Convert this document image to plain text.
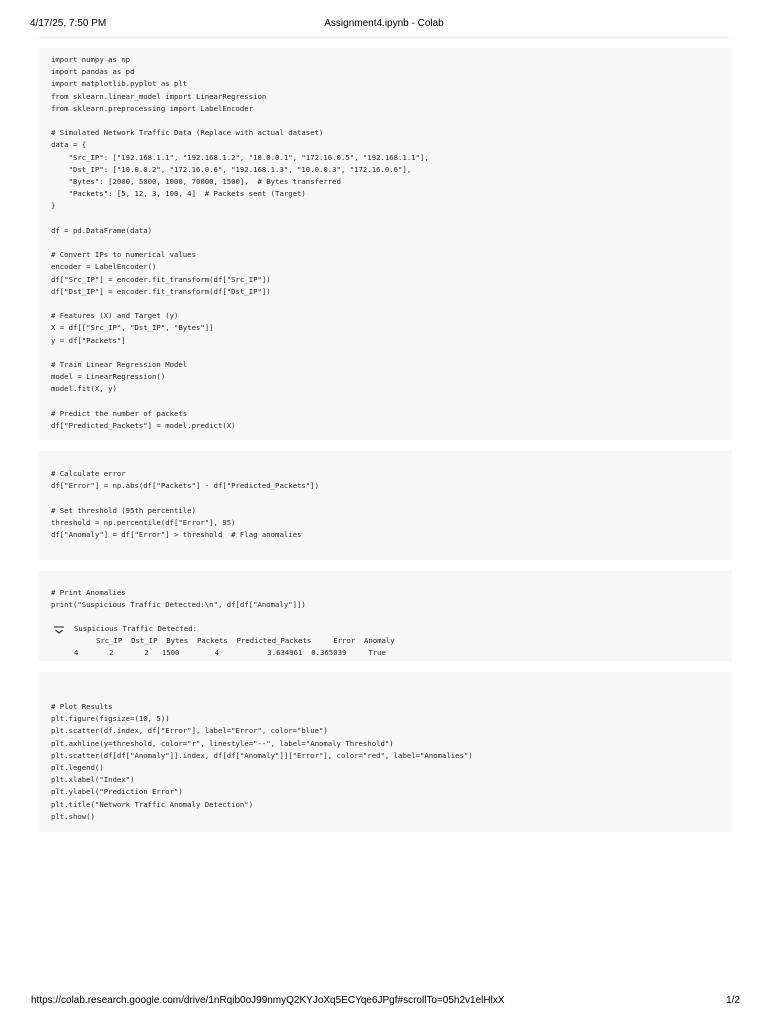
4/17/25, 7:50 PM	Assignment4.ipynb - Colab
import numpy as np
import pandas as pd
import matplotlib.pyplot as plt
from sklearn.linear_model import LinearRegression
from sklearn.preprocessing import LabelEncoder

# Simulated Network Traffic Data (Replace with actual dataset)
data = {
"Src_IP": ["192.168.1.1", "192.168.1.2", "10.0.0.1", "172.16.0.5", "192.168.1.1"],
"Dst_IP": ["10.0.0.2", "172.16.0.6", "192.168.1.3", "10.0.0.3", "172.16.0.6"],
"Bytes": [2000, 5000, 1000, 70000, 1500],  # Bytes transferred
"Packets": [5, 12, 3, 100, 4]  # Packets sent (Target)
}

df = pd.DataFrame(data)

# Convert IPs to numerical values
encoder = LabelEncoder()
df["Src_IP"] = encoder.fit_transform(df["Src_IP"])
df["Dst_IP"] = encoder.fit_transform(df["Dst_IP"])

# Features (X) and Target (y)
X = df[["Src_IP", "Dst_IP", "Bytes"]]
y = df["Packets"]

# Train Linear Regression Model
model = LinearRegression()
model.fit(X, y)

# Predict the number of packets
df["Predicted_Packets"] = model.predict(X)
# Calculate error
df["Error"] = np.abs(df["Packets"] - df["Predicted_Packets"])

# Set threshold (95th percentile)
threshold = np.percentile(df["Error"], 95)
df["Anomaly"] = df["Error"] > threshold  # Flag anomalies
# Print Anomalies
print("Suspicious Traffic Detected:\n", df[df["Anomaly"]])
Suspicious Traffic Detected:
Src_IP  Dst_IP  Bytes  Packets  Predicted_Packets     Error  Anomaly
4       2       2   1500        4           3.634961  0.365039     True
# Plot Results
plt.figure(figsize=(10, 5))
plt.scatter(df.index, df["Error"], label="Error", color="blue")
plt.axhline(y=threshold, color="r", linestyle="--", label="Anomaly Threshold")
plt.scatter(df[df["Anomaly"]].index, df[df["Anomaly"]]["Error"], color="red", label="Anomalies")
plt.legend()
plt.xlabel("Index")
plt.ylabel("Prediction Error")
plt.title("Network Traffic Anomaly Detection")
plt.show()
https://colab.research.google.com/drive/1nRqib0oJ99nmyQ2KYJoXq5ECYqe6JPgf#scrollTo=05h2v1elHlxX	1/2
